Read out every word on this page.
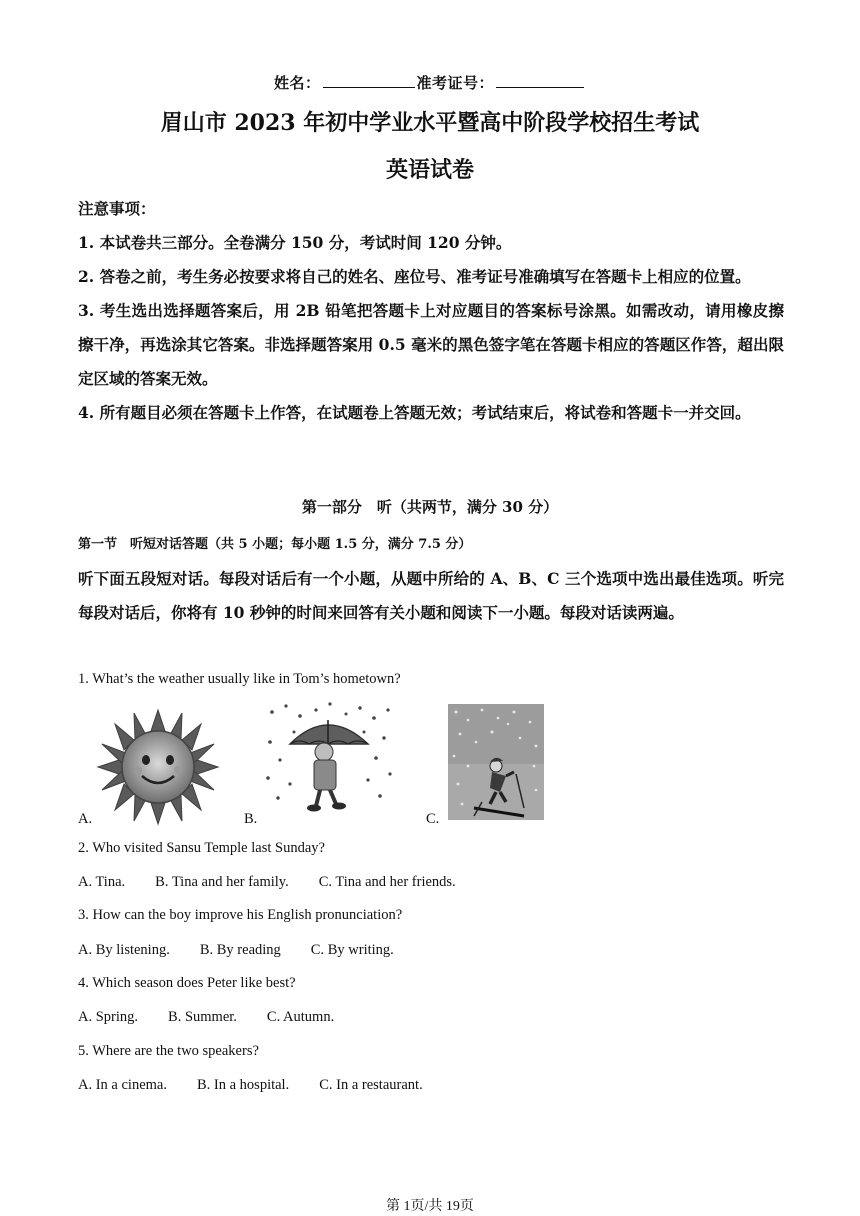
姓名：	准考证号：
眉山市 2023 年初中学业水平暨高中阶段学校招生考试
英语试卷

注意事项：

1. 本试卷共三部分。全卷满分 150 分，考试时间 120 分钟。

2. 答卷之前，考生务必按要求将自己的姓名、座位号、准考证号准确填写在答题卡上相应的位置。

3. 考生选出选择题答案后，用 2B 铅笔把答题卡上对应题目的答案标号涂黑。如需改动，请用橡皮擦擦干净，再选涂其它答案。非选择题答案用 0.5 毫米的黑色签字笔在答题卡相应的答题区作答，超出限定区域的答案无效。

4. 所有题目必须在答题卡上作答，在试题卷上答题无效；考试结束后，将试卷和答题卡一并交回。

第一部分　听（共两节，满分 30 分）
第一节　听短对话答题（共 5 小题；每小题 1.5 分，满分 7.5 分）

听下面五段短对话。每段对话后有一个小题，从题中所给的 A、B、C 三个选项中选出最佳选项。听完每段对话后，你将有 10 秒钟的时间来回答有关小题和阅读下一小题。每段对话读两遍。

1. What’s the weather usually like in Tom’s hometown?
A.	B.	C.
2. Who visited Sansu Temple last Sunday?
A. Tina. B. Tina and her family. C. Tina and her friends.
3. How can the boy improve his English pronunciation?
A. By listening. B. By reading C. By writing.
4. Which season does Peter like best?
A. Spring. B. Summer. C. Autumn.
5. Where are the two speakers?
A. In a cinema. B. In a hospital. C. In a restaurant.
第 1页/共 19页
